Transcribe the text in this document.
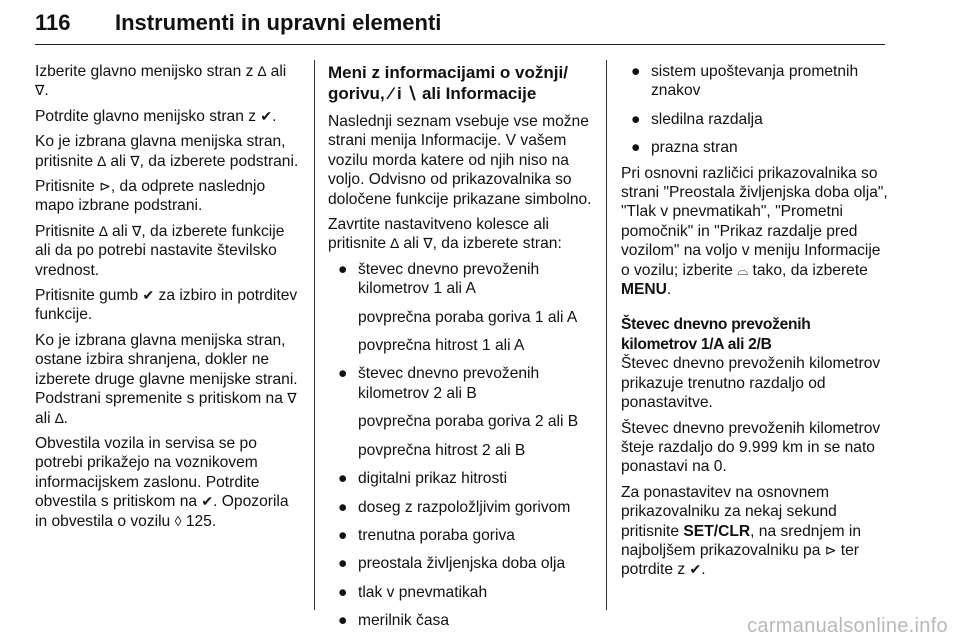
116 Instrumenti in upravni elementi

Izberite glavno menijsko stran z ∆ ali ∇.

Potrdite glavno menijsko stran z ✔.

Ko je izbrana glavna menijska stran, pritisnite ∆ ali ∇, da izberete podstrani.

Pritisnite ⊳, da odprete naslednjo mapo izbrane podstrani.

Pritisnite ∆ ali ∇, da izberete funkcije ali da po potrebi nastavite številsko vrednost.

Pritisnite gumb ✔ za izbiro in potrditev funkcije.

Ko je izbrana glavna menijska stran, ostane izbira shranjena, dokler ne izberete druge glavne menijske strani. Podstrani spremenite s pritiskom na ∇ ali ∆.

Obvestila vozila in servisa se po potrebi prikažejo na voznikovem informacijskem zaslonu. Potrdite obvestila s pritiskom na ✔. Opozorila in obvestila o vozilu ◊ 125.

Meni z informacijami o vožnji/ gorivu, ⁄ i ∖ ali Informacije

Naslednji seznam vsebuje vse možne strani menija Informacije. V vašem vozilu morda katere od njih niso na voljo. Odvisno od prikazovalnika so določene funkcije prikazane simbolno.

Zavrtite nastavitveno kolesce ali pritisnite ∆ ali ∇, da izberete stran:

● števec dnevno prevoženih kilometrov 1 ali A
povprečna poraba goriva 1 ali A
povprečna hitrost 1 ali A
● števec dnevno prevoženih kilometrov 2 ali B
povprečna poraba goriva 2 ali B
povprečna hitrost 2 ali B
● digitalni prikaz hitrosti
● doseg z razpoložljivim gorivom
● trenutna poraba goriva
● preostala življenjska doba olja
● tlak v pnevmatikah
● merilnik časa
● sistem upoštevanja prometnih znakov
● sledilna razdalja
● prazna stran

Pri osnovni različici prikazovalnika so strani "Preostala življenjska doba olja", "Tlak v pnevmatikah", "Prometni pomočnik" in "Prikaz razdalje pred vozilom" na voljo v meniju Informacije o vozilu; izberite ⌓ tako, da izberete MENU.

Števec dnevno prevoženih kilometrov 1/A ali 2/B

Števec dnevno prevoženih kilometrov prikazuje trenutno razdaljo od ponastavitve.

Števec dnevno prevoženih kilometrov šteje razdaljo do 9.999 km in se nato ponastavi na 0.

Za ponastavitev na osnovnem prikazovalniku za nekaj sekund pritisnite SET/CLR, na srednjem in najboljšem prikazovalniku pa ⊳ ter potrdite z ✔.

carmanualsonline.info
